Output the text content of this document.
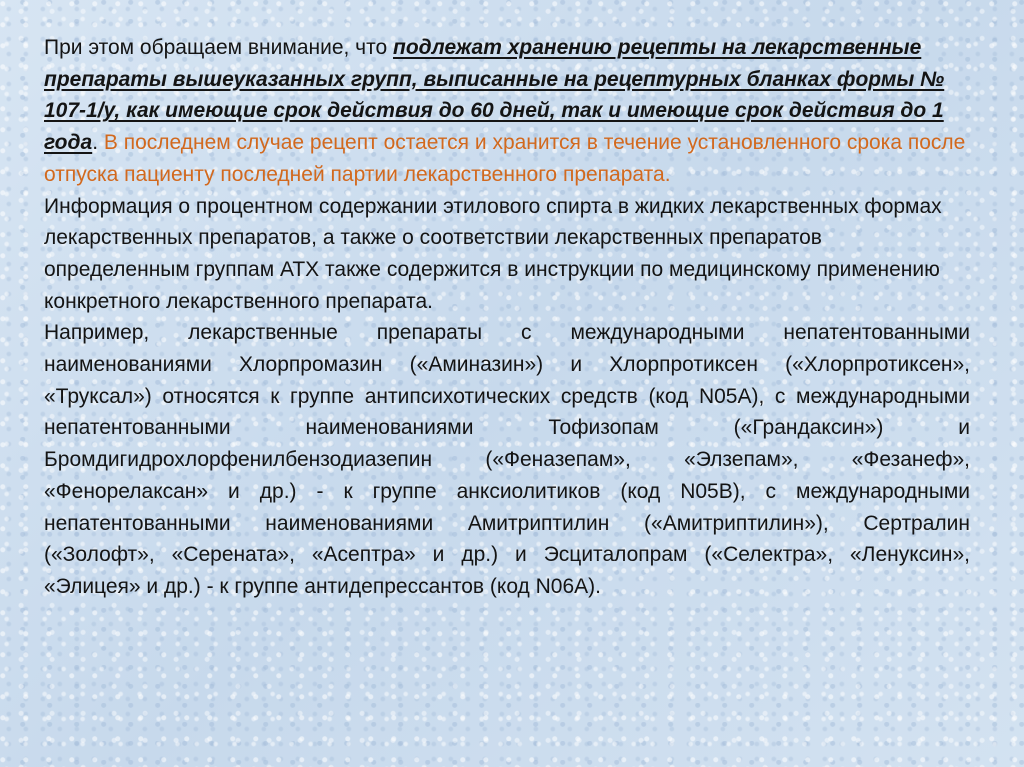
При этом обращаем внимание, что подлежат хранению рецепты на лекарственные препараты вышеуказанных групп, выписанные на рецептурных бланках формы № 107-1/у, как имеющие срок действия до 60 дней, так и имеющие срок действия до 1 года. В последнем случае рецепт остается и хранится в течение установленного срока после отпуска пациенту последней партии лекарственного препарата.

Информация о процентном содержании этилового спирта в жидких лекарственных формах лекарственных препаратов, а также о соответствии лекарственных препаратов определенным группам АТХ также содержится в инструкции по медицинскому применению конкретного лекарственного препарата.

Например, лекарственные препараты с международными непатентованными наименованиями Хлорпромазин («Аминазин») и Хлорпротиксен («Хлорпротиксен», «Труксал») относятся к группе антипсихотических средств (код N05A), с международными непатентованными наименованиями Тофизопам («Грандаксин») и Бромдигидрохлорфенилбензодиазепин («Феназепам», «Элзепам», «Фезанеф», «Фенорелаксан» и др.) - к группе анксиолитиков (код N05B), с международными непатентованными наименованиями Амитриптилин («Амитриптилин»), Сертралин («Золофт», «Серената», «Асептра» и др.) и Эсциталопрам («Селектра», «Ленуксин», «Элицея» и др.) - к группе антидепрессантов (код N06A).
